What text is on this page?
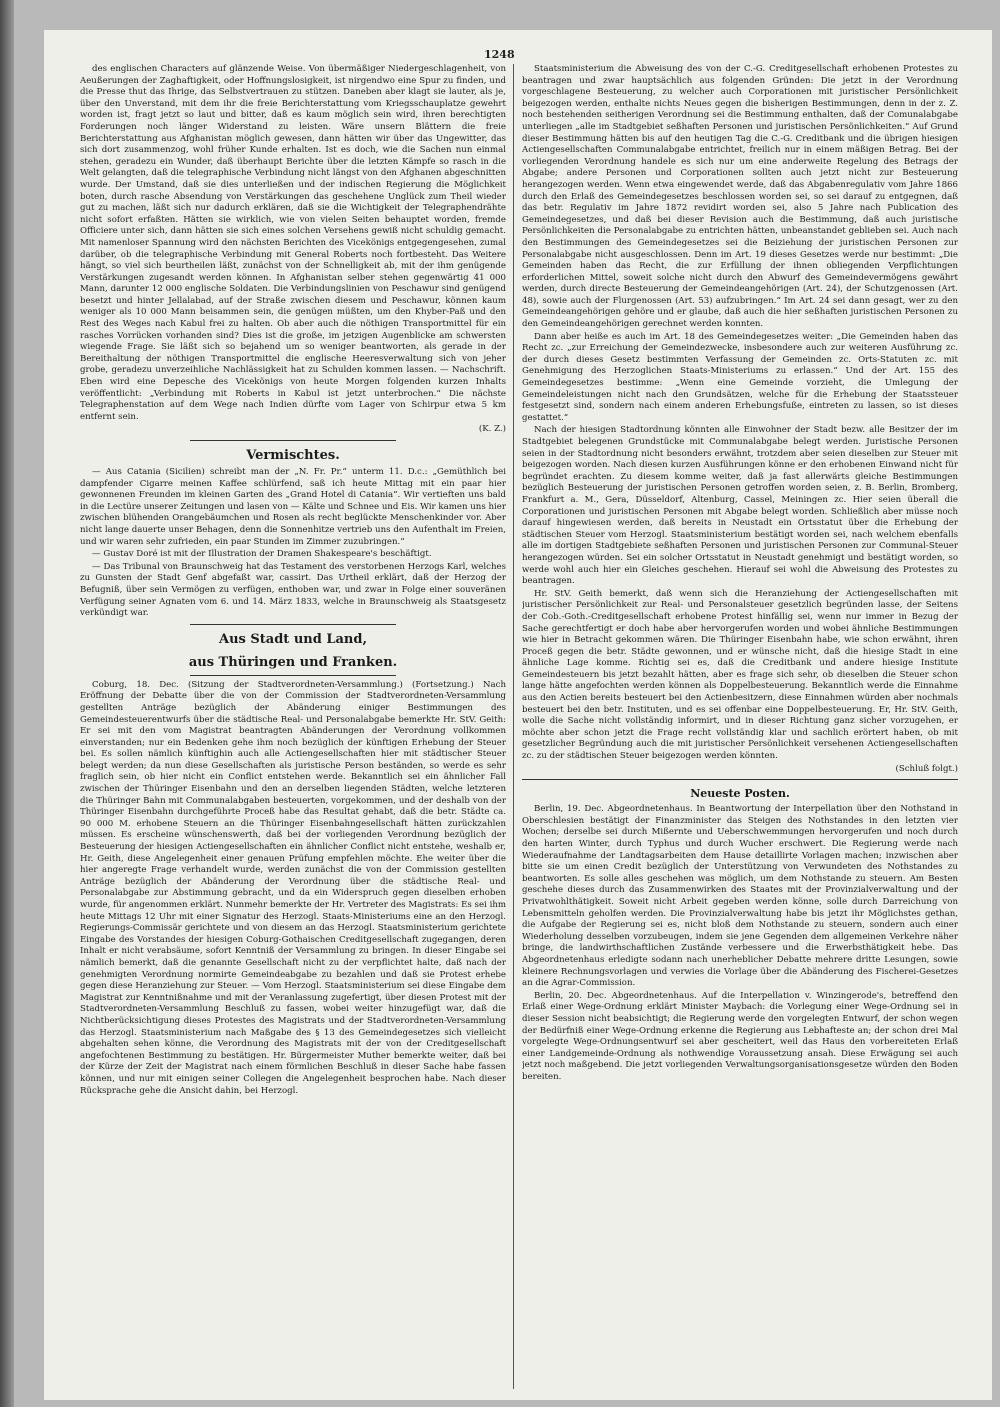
1248

des englischen Characters auf glänzende Weise. Von übermäßiger Niedergeschlagenheit, von Aeußerungen der Zaghaftigkeit, oder Hoffnungslosigkeit, ist nirgendwo eine Spur zu finden, und die Presse thut das Ihrige, das Selbstvertrauen zu stützen. Daneben aber klagt sie lauter, als je, über den Unverstand, mit dem ihr die freie Berichterstattung vom Kriegsschauplatze gewehrt worden ist, fragt jetzt so laut und bitter, daß es kaum möglich sein wird, ihren berechtigten Forderungen noch länger Widerstand zu leisten. Wäre unsern Blättern die freie Berichterstattung aus Afghanistan möglich gewesen, dann hätten wir über das Ungewitter, das sich dort zusammenzog, wohl früher Kunde erhalten. Ist es doch, wie die Sachen nun einmal stehen, geradezu ein Wunder, daß überhaupt Berichte über die letzten Kämpfe so rasch in die Welt gelangten, daß die telegraphische Verbindung nicht längst von den Afghanen abgeschnitten wurde. Der Umstand, daß sie dies unterließen und der indischen Regierung die Möglichkeit boten, durch rasche Absendung von Verstärkungen das geschehene Unglück zum Theil wieder gut zu machen, läßt sich nur dadurch erklären, daß sie die Wichtigkeit der Telegraphendrähte nicht sofort erfaßten. Hätten sie wirklich, wie von vielen Seiten behauptet worden, fremde Officiere unter sich, dann hätten sie sich eines solchen Versehens gewiß nicht schuldig gemacht. Mit namenloser Spannung wird den nächsten Berichten des Vicekönigs entgegengesehen, zumal darüber, ob die telegraphische Verbindung mit General Roberts noch fortbesteht. Das Weitere hängt, so viel sich beurtheilen läßt, zunächst von der Schnelligkeit ab, mit der ihm genügende Verstärkungen zugesandt werden können. In Afghanistan selber stehen gegenwärtig 41 000 Mann, darunter 12 000 englische Soldaten. Die Verbindungslinien von Peschawur sind genügend besetzt und hinter Jellalabad, auf der Straße zwischen diesem und Peschawur, können kaum weniger als 10 000 Mann beisammen sein, die genügen müßten, um den Khyber-Paß und den Rest des Weges nach Kabul frei zu halten. Ob aber auch die nöthigen Transportmittel für ein rasches Vorrücken vorhanden sind? Dies ist die große, im jetzigen Augenblicke am schwersten wiegende Frage. Sie läßt sich so bejahend um so weniger beantworten, als gerade in der Bereithaltung der nöthigen Transportmittel die englische Heeresverwaltung sich von jeher grobe, geradezu unverzeihliche Nachlässigkeit hat zu Schulden kommen lassen. — Nachschrift. Eben wird eine Depesche des Vicekönigs von heute Morgen folgenden kurzen Inhalts veröffentlicht: „Verbindung mit Roberts in Kabul ist jetzt unterbrochen.“ Die nächste Telegraphenstation auf dem Wege nach Indien dürfte vom Lager von Schirpur etwa 5 km entfernt sein.

(K. Z.)

Vermischtes.

— Aus Catania (Sicilien) schreibt man der „N. Fr. Pr.“ unterm 11. D.c.: „Gemüthlich bei dampfender Cigarre meinen Kaffee schlürfend, saß ich heute Mittag mit ein paar hier gewonnenen Freunden im kleinen Garten des „Grand Hotel di Catania“. Wir vertieften uns bald in die Lectüre unserer Zeitungen und lasen von — Kälte und Schnee und Eis. Wir kamen uns hier zwischen blühenden Orangebäumchen und Rosen als recht beglückte Menschenkinder vor. Aber nicht lange dauerte unser Behagen, denn die Sonnenhitze vertrieb uns den Aufenthalt im Freien, und wir waren sehr zufrieden, ein paar Stunden im Zimmer zuzubringen.“

— Gustav Doré ist mit der Illustration der Dramen Shakespeare's beschäftigt.

— Das Tribunal von Braunschweig hat das Testament des verstorbenen Herzogs Karl, welches zu Gunsten der Stadt Genf abgefaßt war, cassirt. Das Urtheil erklärt, daß der Herzog der Befugniß, über sein Vermögen zu verfügen, enthoben war, und zwar in Folge einer souveränen Verfügung seiner Agnaten vom 6. und 14. März 1833, welche in Braunschweig als Staatsgesetz verkündigt war.

Aus Stadt und Land,
aus Thüringen und Franken.

Coburg, 18. Dec. (Sitzung der Stadtverordneten-Versammlung.) (Fortsetzung.) Nach Eröffnung der Debatte über die von der Commission der Stadtverordneten-Versammlung gestellten Anträge bezüglich der Abänderung einiger Bestimmungen des Gemeindesteuerentwurfs über die städtische Real- und Personalabgabe bemerkte Hr. StV. Geith: Er sei mit den vom Magistrat beantragten Abänderungen der Verordnung vollkommen einverstanden; nur ein Bedenken gehe ihm noch bezüglich der künftigen Erhebung der Steuer bei. Es sollen nämlich künftighin auch alle Actiengesellschaften hier mit städtischer Steuer belegt werden; da nun diese Gesellschaften als juristische Person beständen, so werde es sehr fraglich sein, ob hier nicht ein Conflict entstehen werde. Bekanntlich sei ein ähnlicher Fall zwischen der Thüringer Eisenbahn und den an derselben liegenden Städten, welche letzteren die Thüringer Bahn mit Communalabgaben besteuerten, vorgekommen, und der deshalb von der Thüringer Eisenbahn durchgeführte Proceß habe das Resultat gehabt, daß die betr. Städte ca. 90 000 M. erhobene Steuern an die Thüringer Eisenbahngesellschaft hätten zurückzahlen müssen. Es erscheine wünschenswerth, daß bei der vorliegenden Verordnung bezüglich der Besteuerung der hiesigen Actiengesellschaften ein ähnlicher Conflict nicht entstehe, weshalb er, Hr. Geith, diese Angelegenheit einer genauen Prüfung empfehlen möchte. Ehe weiter über die hier angeregte Frage verhandelt wurde, werden zunächst die von der Commission gestellten Anträge bezüglich der Abänderung der Verordnung über die städtische Real- und Personalabgabe zur Abstimmung gebracht, und da ein Widerspruch gegen dieselben erhoben wurde, für angenommen erklärt. Nunmehr bemerkte der Hr. Vertreter des Magistrats: Es sei ihm heute Mittags 12 Uhr mit einer Signatur des Herzogl. Staats-Ministeriums eine an den Herzogl. Regierungs-Commissär gerichtete und von diesem an das Herzogl. Staatsministerium gerichtete Eingabe des Vorstandes der hiesigen Coburg-Gothaischen Creditgesellschaft zugegangen, deren Inhalt er nicht verabsäume, sofort Kenntniß der Versammlung zu bringen. In dieser Eingabe sei nämlich bemerkt, daß die genannte Gesellschaft nicht zu der verpflichtet halte, daß nach der genehmigten Verordnung normirte Gemeindeabgabe zu bezahlen und daß sie Protest erhebe gegen diese Heranziehung zur Steuer. — Vom Herzogl. Staatsministerium sei diese Eingabe dem Magistrat zur Kenntnißnahme und mit der Veranlassung zugefertigt, über diesen Protest mit der Stadtverordneten-Versammlung Beschluß zu fassen, wobei weiter hinzugefügt war, daß die Nichtberücksichtigung dieses Protestes des Magistrats und der Stadtverordneten-Versammlung das Herzogl. Staatsministerium nach Maßgabe des § 13 des Gemeindegesetzes sich vielleicht abgehalten sehen könne, die Verordnung des Magistrats mit der von der Creditgesellschaft angefochtenen Bestimmung zu bestätigen. Hr. Bürgermeister Muther bemerkte weiter, daß bei der Kürze der Zeit der Magistrat nach einem förmlichen Beschluß in dieser Sache habe fassen können, und nur mit einigen seiner Collegen die Angelegenheit besprochen habe. Nach dieser Rücksprache gehe die Ansicht dahin, bei Herzogl.

Staatsministerium die Abweisung des von der C.-G. Creditgesellschaft erhobenen Protestes zu beantragen und zwar hauptsächlich aus folgenden Gründen: Die jetzt in der Verordnung vorgeschlagene Besteuerung, zu welcher auch Corporationen mit juristischer Persönlichkeit beigezogen werden, enthalte nichts Neues gegen die bisherigen Bestimmungen, denn in der z. Z. noch bestehenden seitherigen Verordnung sei die Bestimmung enthalten, daß der Comunalabgabe unterliegen „alle im Stadtgebiet seßhaften Personen und juristischen Persönlichkeiten.“ Auf Grund dieser Bestimmung hätten bis auf den heutigen Tag die C.-G. Creditbank und die übrigen hiesigen Actiengesellschaften Communalabgabe entrichtet, freilich nur in einem mäßigen Betrag. Bei der vorliegenden Verordnung handele es sich nur um eine anderweite Regelung des Betrags der Abgabe; andere Personen und Corporationen sollten auch jetzt nicht zur Besteuerung herangezogen werden. Wenn etwa eingewendet werde, daß das Abgabenregulativ vom Jahre 1866 durch den Erlaß des Gemeindegesetzes beschlossen worden sei, so sei darauf zu entgegnen, daß das betr. Regulativ im Jahre 1872 revidirt worden sei, also 5 Jahre nach Publication des Gemeindegesetzes, und daß bei dieser Revision auch die Bestimmung, daß auch juristische Persönlichkeiten die Personalabgabe zu entrichten hätten, unbeanstandet geblieben sei. Auch nach den Bestimmungen des Gemeindegesetzes sei die Beiziehung der juristischen Personen zur Personalabgabe nicht ausgeschlossen. Denn im Art. 19 dieses Gesetzes werde nur bestimmt: „Die Gemeinden haben das Recht, die zur Erfüllung der ihnen obliegenden Verpflichtungen erforderlichen Mittel, soweit solche nicht durch den Abwurf des Gemeindevermögens gewährt werden, durch directe Besteuerung der Gemeindeangehörigen (Art. 24), der Schutzgenossen (Art. 48), sowie auch der Flurgenossen (Art. 53) aufzubringen.“ Im Art. 24 sei dann gesagt, wer zu den Gemeindeangehörigen gehöre und er glaube, daß auch die hier seßhaften juristischen Personen zu den Gemeindeangehörigen gerechnet werden konnten.

Dann aber heiße es auch im Art. 18 des Gemeindegesetzes weiter: „Die Gemeinden haben das Recht zc. „zur Erreichung der Gemeindezwecke, insbesondere auch zur weiteren Ausführung zc. der durch dieses Gesetz bestimmten Verfassung der Gemeinden zc. Orts-Statuten zc. mit Genehmigung des Herzoglichen Staats-Ministeriums zu erlassen.“ Und der Art. 155 des Gemeindegesetzes bestimme: „Wenn eine Gemeinde vorzieht, die Umlegung der Gemeindeleistungen nicht nach den Grundsätzen, welche für die Erhebung der Staatssteuer festgesetzt sind, sondern nach einem anderen Erhebungsfuße, eintreten zu lassen, so ist dieses gestattet.“

Nach der hiesigen Stadtordnung könnten alle Einwohner der Stadt bezw. alle Besitzer der im Stadtgebiet belegenen Grundstücke mit Communalabgabe belegt werden. Juristische Personen seien in der Stadtordnung nicht besonders erwähnt, trotzdem aber seien dieselben zur Steuer mit beigezogen worden. Nach diesen kurzen Ausführungen könne er den erhobenen Einwand nicht für begründet erachten. Zu diesem komme weiter, daß ja fast allerwärts gleiche Bestimmungen bezüglich Besteuerung der juristischen Personen getroffen worden seien, z. B. Berlin, Bromberg, Frankfurt a. M., Gera, Düsseldorf, Altenburg, Cassel, Meiningen zc. Hier seien überall die Corporationen und juristischen Personen mit Abgabe belegt worden. Schließlich aber müsse noch darauf hingewiesen werden, daß bereits in Neustadt ein Ortsstatut über die Erhebung der städtischen Steuer vom Herzogl. Staatsministerium bestätigt worden sei, nach welchem ebenfalls alle im dortigen Stadtgebiete seßhaften Personen und juristischen Personen zur Communal-Steuer herangezogen würden. Sei ein solcher Ortsstatut in Neustadt genehmigt und bestätigt worden, so werde wohl auch hier ein Gleiches geschehen. Hierauf sei wohl die Abweisung des Protestes zu beantragen.

Hr. StV. Geith bemerkt, daß wenn sich die Heranziehung der Actiengesellschaften mit juristischer Persönlichkeit zur Real- und Personalsteuer gesetzlich begründen lasse, der Seitens der Cob.-Goth.-Creditgesellschaft erhobene Protest hinfällig sei, wenn nur immer in Bezug der Sache gerechtfertigt er doch habe aber hervorgerufen worden und wobei ähnliche Bestimmungen wie hier in Betracht gekommen wären. Die Thüringer Eisenbahn habe, wie schon erwähnt, ihren Proceß gegen die betr. Städte gewonnen, und er wünsche nicht, daß die hiesige Stadt in eine ähnliche Lage komme. Richtig sei es, daß die Creditbank und andere hiesige Institute Gemeindesteuern bis jetzt bezahlt hätten, aber es frage sich sehr, ob dieselben die Steuer schon lange hätte angefochten werden können als Doppelbesteuerung. Bekanntlich werde die Einnahme aus den Actien bereits besteuert bei den Actienbesitzern, diese Einnahmen würden aber nochmals besteuert bei den betr. Instituten, und es sei offenbar eine Doppelbesteuerung. Er, Hr. StV. Geith, wolle die Sache nicht vollständig informirt, und in dieser Richtung ganz sicher vorzugehen, er möchte aber schon jetzt die Frage recht vollständig klar und sachlich erörtert haben, ob mit gesetzlicher Begründung auch die mit juristischer Persönlichkeit versehenen Actiengesellschaften zc. zu der städtischen Steuer beigezogen werden könnten.

(Schluß folgt.)

Neueste Posten.

Berlin, 19. Dec. Abgeordnetenhaus. In Beantwortung der Interpellation über den Nothstand in Oberschlesien bestätigt der Finanzminister das Steigen des Nothstandes in den letzten vier Wochen; derselbe sei durch Mißernte und Ueberschwemmungen hervorgerufen und noch durch den harten Winter, durch Typhus und durch Wucher erschwert. Die Regierung werde nach Wiederaufnahme der Landtagsarbeiten dem Hause detaillirte Vorlagen machen; inzwischen aber bitte sie um einen Credit bezüglich der Unterstützung von Verwundeten des Nothstandes zu beantworten. Es solle alles geschehen was möglich, um dem Nothstande zu steuern. Am Besten geschehe dieses durch das Zusammenwirken des Staates mit der Provinzialverwaltung und der Privatwohlthätigkeit. Soweit nicht Arbeit gegeben werden könne, solle durch Darreichung von Lebensmitteln geholfen werden. Die Provinzialverwaltung habe bis jetzt ihr Möglichstes gethan, die Aufgabe der Regierung sei es, nicht bloß dem Nothstande zu steuern, sondern auch einer Wiederholung desselben vorzubeugen, indem sie jene Gegenden dem allgemeinen Verkehre näher bringe, die landwirthschaftlichen Zustände verbessere und die Erwerbsthätigkeit hebe. Das Abgeordnetenhaus erledigte sodann nach unerheblicher Debatte mehrere dritte Lesungen, sowie kleinere Rechnungsvorlagen und verwies die Vorlage über die Abänderung des Fischerei-Gesetzes an die Agrar-Commission.

Berlin, 20. Dec. Abgeordnetenhaus. Auf die Interpellation v. Winzingerode's, betreffend den Erlaß einer Wege-Ordnung erklärt Minister Maybach: die Vorlegung einer Wege-Ordnung sei in dieser Session nicht beabsichtigt; die Regierung werde den vorgelegten Entwurf, der schon wegen der Bedürfniß einer Wege-Ordnung erkenne die Regierung aus Lebhafteste an; der schon drei Mal vorgelegte Wege-Ordnungsentwurf sei aber gescheitert, weil das Haus den vorbereiteten Erlaß einer Landgemeinde-Ordnung als nothwendige Voraussetzung ansah. Diese Erwägung sei auch jetzt noch maßgebend. Die jetzt vorliegenden Verwaltungsorganisationsgesetze würden den Boden bereiten.
